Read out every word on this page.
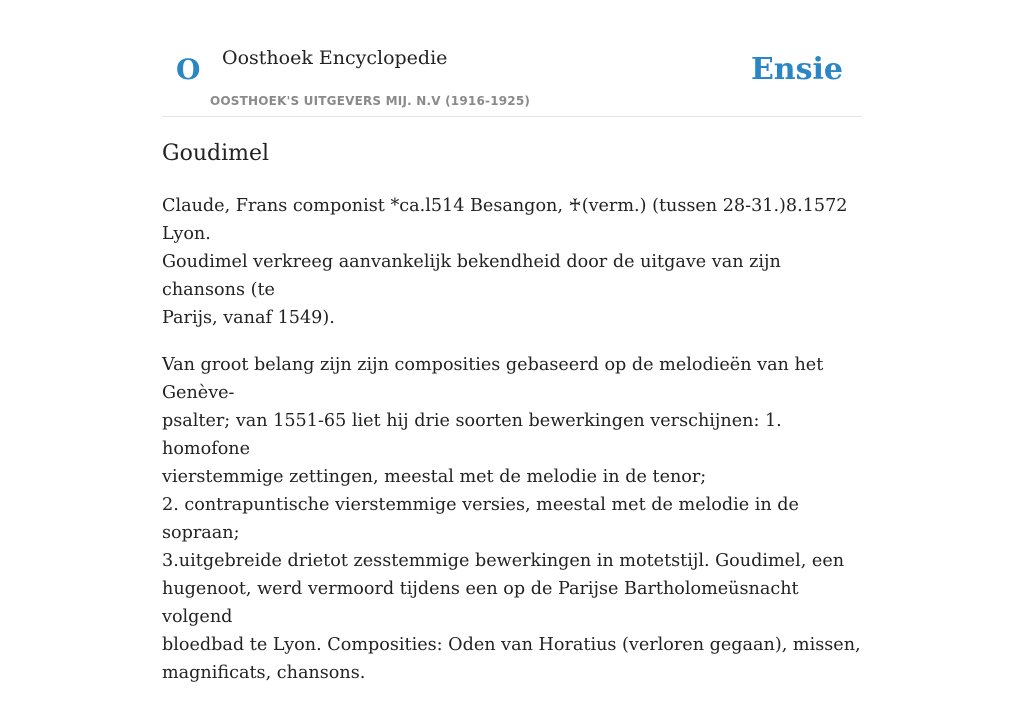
O Oosthoek Encyclopedie
OOSTHOEK'S UITGEVERS MIJ. N.V (1916-1925)
Ensie
Goudimel

Claude, Frans componist *ca.l514 Besangon, ♰(verm.) (tussen 28-31.)8.1572 Lyon.
Goudimel verkreeg aanvankelijk bekendheid door de uitgave van zijn chansons (te
Parijs, vanaf 1549).

Van groot belang zijn zijn composities gebaseerd op de melodieën van het Genève-
psalter; van 1551-65 liet hij drie soorten bewerkingen verschijnen: 1. homofone
vierstemmige zettingen, meestal met de melodie in de tenor;
2. contrapuntische vierstemmige versies, meestal met de melodie in de sopraan;
3.uitgebreide drietot zesstemmige bewerkingen in motetstijl. Goudimel, een
hugenoot, werd vermoord tijdens een op de Parijse Bartholomeüsnacht volgend
bloedbad te Lyon. Composities: Oden van Horatius (verloren gegaan), missen,
magnificats, chansons.
